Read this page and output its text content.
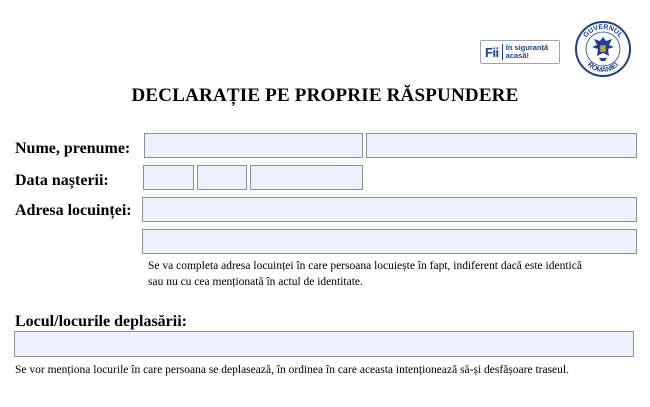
Fii în siguranță
acasă!
GUVERNUL
ROMÂNIEI
DECLARAȚIE PE PROPRIE RĂSPUNDERE
Nume, prenume:
Data nașterii:
Adresa locuinței:
Se va completa adresa locuinței în care persoana locuiește în fapt, indiferent dacă este identică
sau nu cu cea menționată în actul de identitate.
Locul/locurile deplasării:
Se vor menționa locurile în care persoana se deplasează, în ordinea în care aceasta intenționează să-și desfășoare traseul.
